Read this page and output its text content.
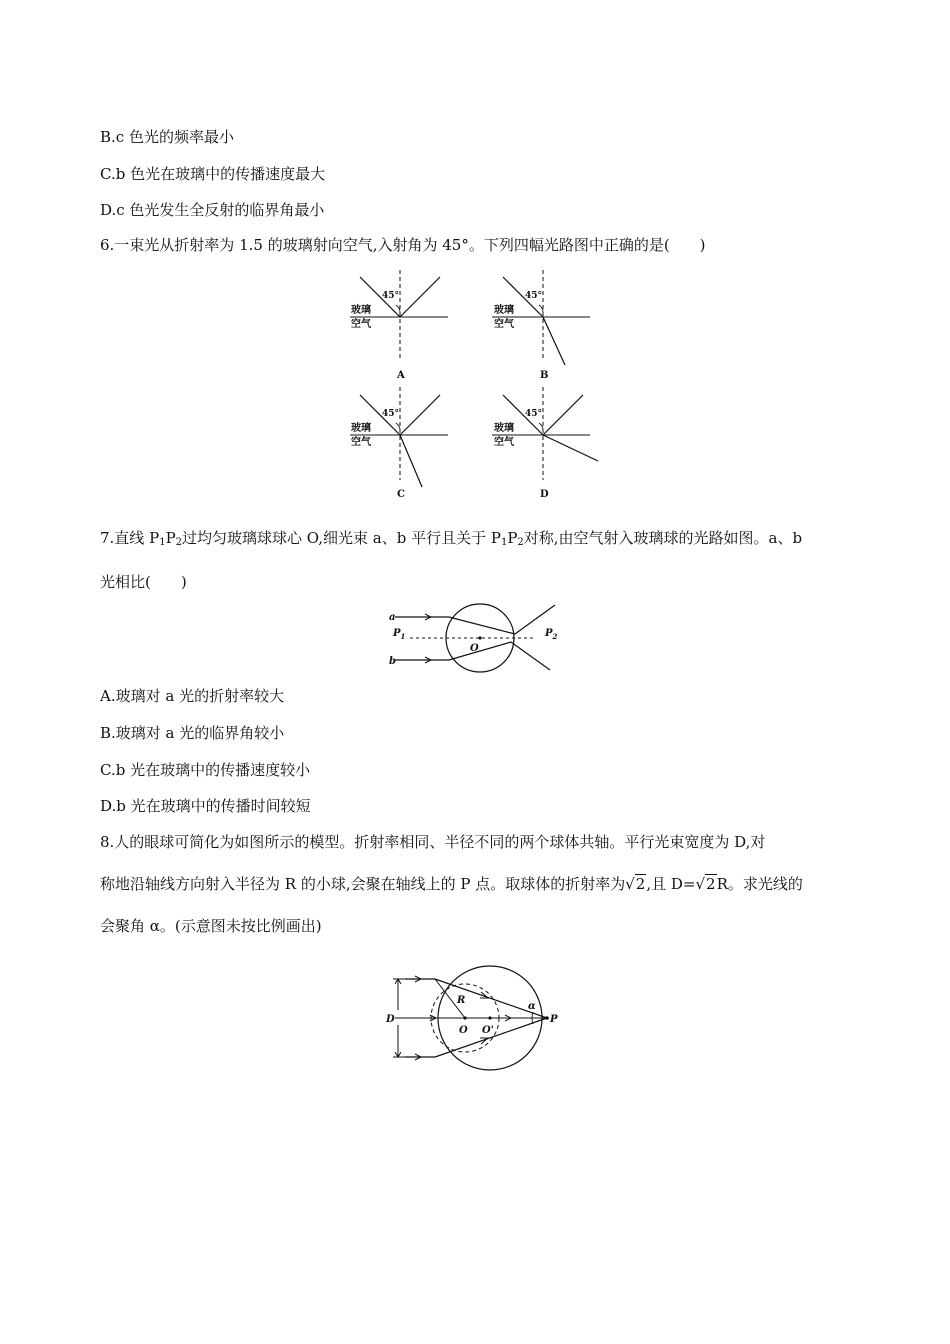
B.c 色光的频率最小
C.b 色光在玻璃中的传播速度最大
D.c 色光发生全反射的临界角最小
6.一束光从折射率为 1.5 的玻璃射向空气,入射角为 45°。下列四幅光路图中正确的是(　　)
45°
玻璃
空气
A
45°
玻璃
空气
B
45°
玻璃
空气
C
45°
玻璃
空气
D
7.直线 $P_1P_2$过均匀玻璃球球心 O,细光束 a、b 平行且关于 $P_1P_2$对称,由空气射入玻璃球的光路如图。a、b
光相比(　　)
a
b
$P_1$	$P_2$
O
A.玻璃对 a 光的折射率较大
B.玻璃对 a 光的临界角较小
C.b 光在玻璃中的传播速度较小
D.b 光在玻璃中的传播时间较短
8.人的眼球可简化为如图所示的模型。折射率相同、半径不同的两个球体共轴。平行光束宽度为 D,对
称地沿轴线方向射入半径为 R 的小球,会聚在轴线上的 P 点。取球体的折射率为√2,且 D=√2R。求光线的
会聚角 α。(示意图未按比例画出)
D
R
O O'
α
P
